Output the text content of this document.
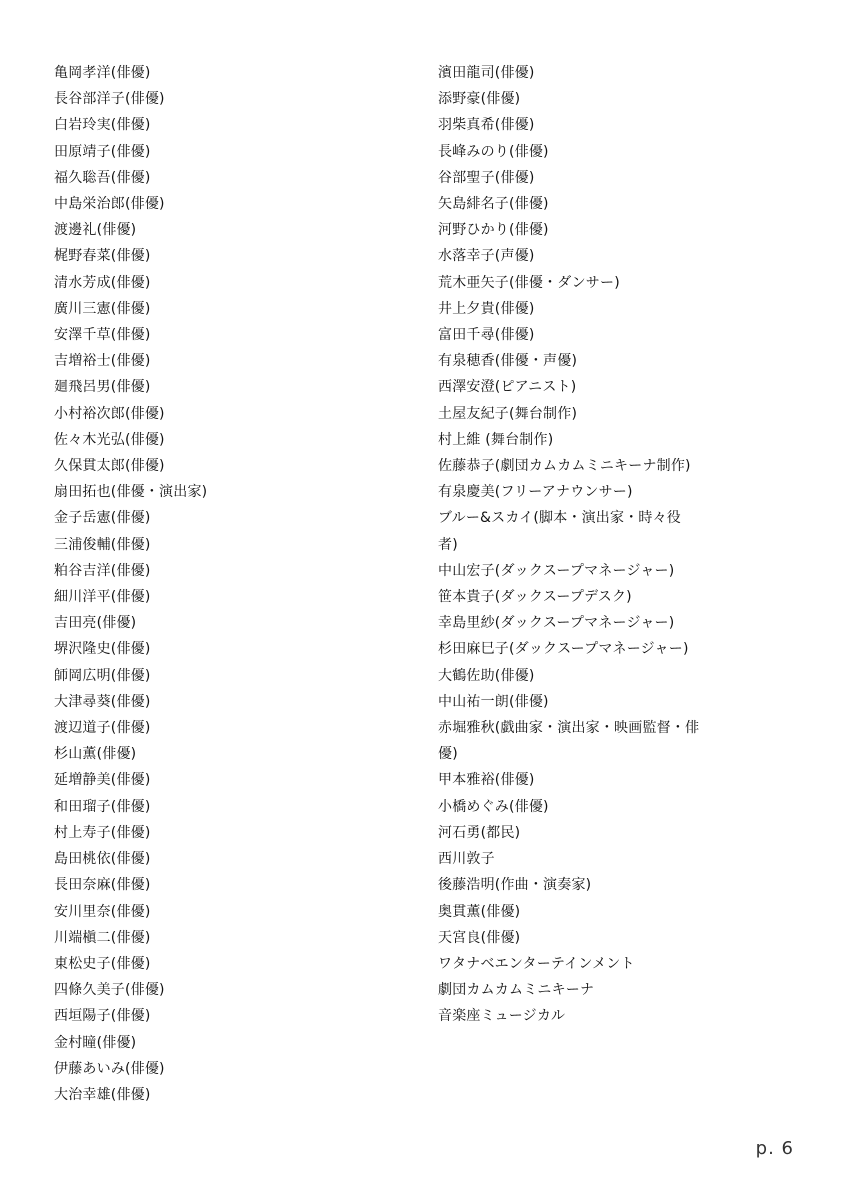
亀岡孝洋(俳優)
長谷部洋子(俳優)
白岩玲実(俳優)
田原靖子(俳優)
福久聡吾(俳優)
中島栄治郎(俳優)
渡邊礼(俳優)
梶野春菜(俳優)
清水芳成(俳優)
廣川三憲(俳優)
安澤千草(俳優)
吉増裕士(俳優)
廻飛呂男(俳優)
小村裕次郎(俳優)
佐々木光弘(俳優)
久保貫太郎(俳優)
扇田拓也(俳優・演出家)
金子岳憲(俳優)
三浦俊輔(俳優)
粕谷吉洋(俳優)
細川洋平(俳優)
吉田亮(俳優)
堺沢隆史(俳優)
師岡広明(俳優)
大津尋葵(俳優)
渡辺道子(俳優)
杉山薫(俳優)
延増静美(俳優)
和田瑠子(俳優)
村上寿子(俳優)
島田桃依(俳優)
長田奈麻(俳優)
安川里奈(俳優)
川端槇二(俳優)
東松史子(俳優)
四條久美子(俳優)
西垣陽子(俳優)
金村瞳(俳優)
伊藤あいみ(俳優)
大治幸雄(俳優)
濱田龍司(俳優)
添野豪(俳優)
羽柴真希(俳優)
長峰みのり(俳優)
谷部聖子(俳優)
矢島緋名子(俳優)
河野ひかり(俳優)
水落幸子(声優)
荒木亜矢子(俳優・ダンサー)
井上夕貴(俳優)
富田千尋(俳優)
有泉穂香(俳優・声優)
西澤安澄(ピアニスト)
土屋友紀子(舞台制作)
村上維 (舞台制作)
佐藤恭子(劇団カムカムミニキーナ制作)
有泉慶美(フリーアナウンサー)
ブルー&スカイ(脚本・演出家・時々役者)
中山宏子(ダックスープマネージャー)
笹本貴子(ダックスープデスク)
幸島里紗(ダックスープマネージャー)
杉田麻巳子(ダックスープマネージャー)
大鶴佐助(俳優)
中山祐一朗(俳優)
赤堀雅秋(戯曲家・演出家・映画監督・俳優)
甲本雅裕(俳優)
小橋めぐみ(俳優)
河石勇(都民)
西川敦子
後藤浩明(作曲・演奏家)
奥貫薫(俳優)
天宮良(俳優)
ワタナベエンターテインメント
劇団カムカムミニキーナ
音楽座ミュージカル
p. 6
